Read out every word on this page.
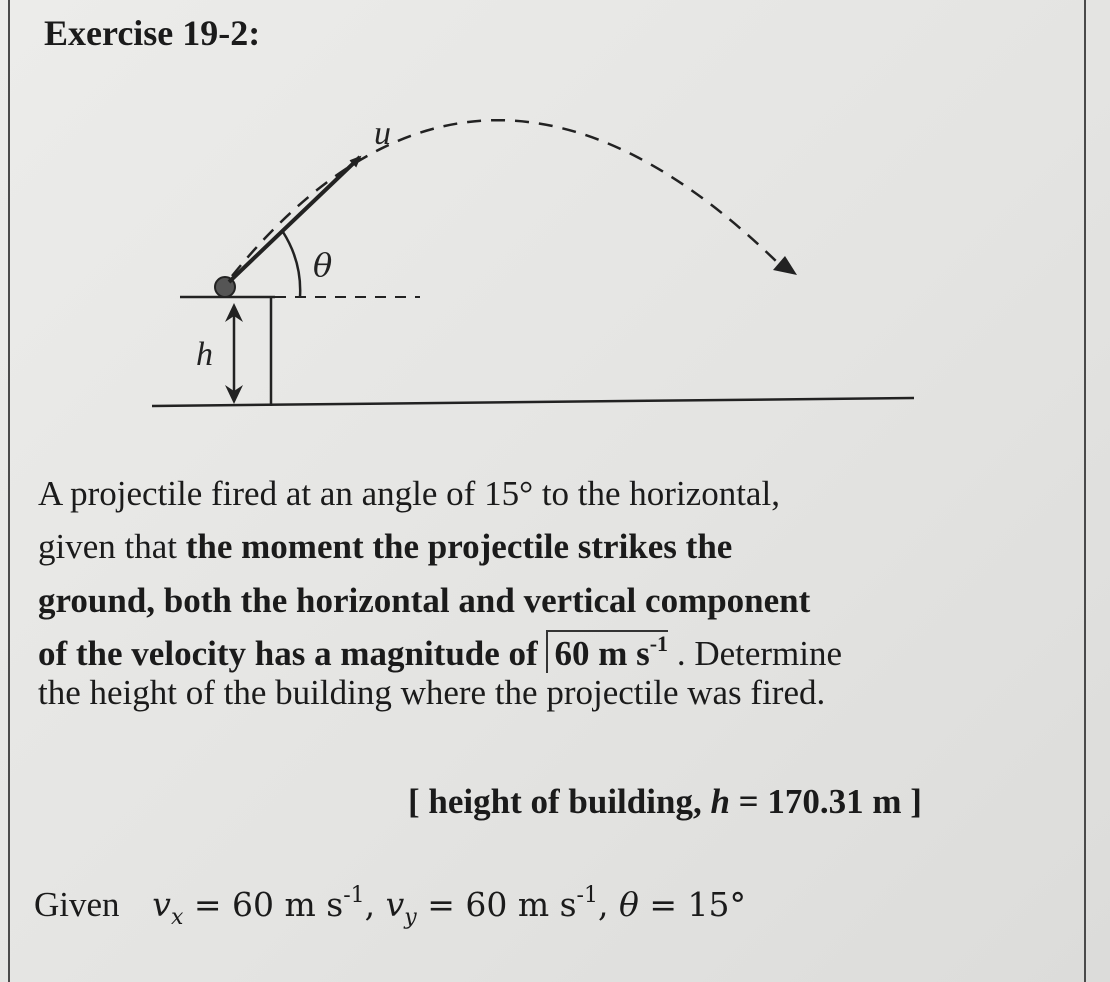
Exercise 19-2:
u
θ
h
A projectile fired at an angle of 15° to the horizontal,
given that the moment the projectile strikes the
ground, both the horizontal and vertical component
of the velocity has a magnitude of 60 m $s^{-1}$ . Determine
the height of the building where the projectile was fired.
[ height of building, h = 170.31 m ]
Given $v_x = 60$ m $s^{-1}$, $v_y = 60$ m $s^{-1}$, θ = 15°
